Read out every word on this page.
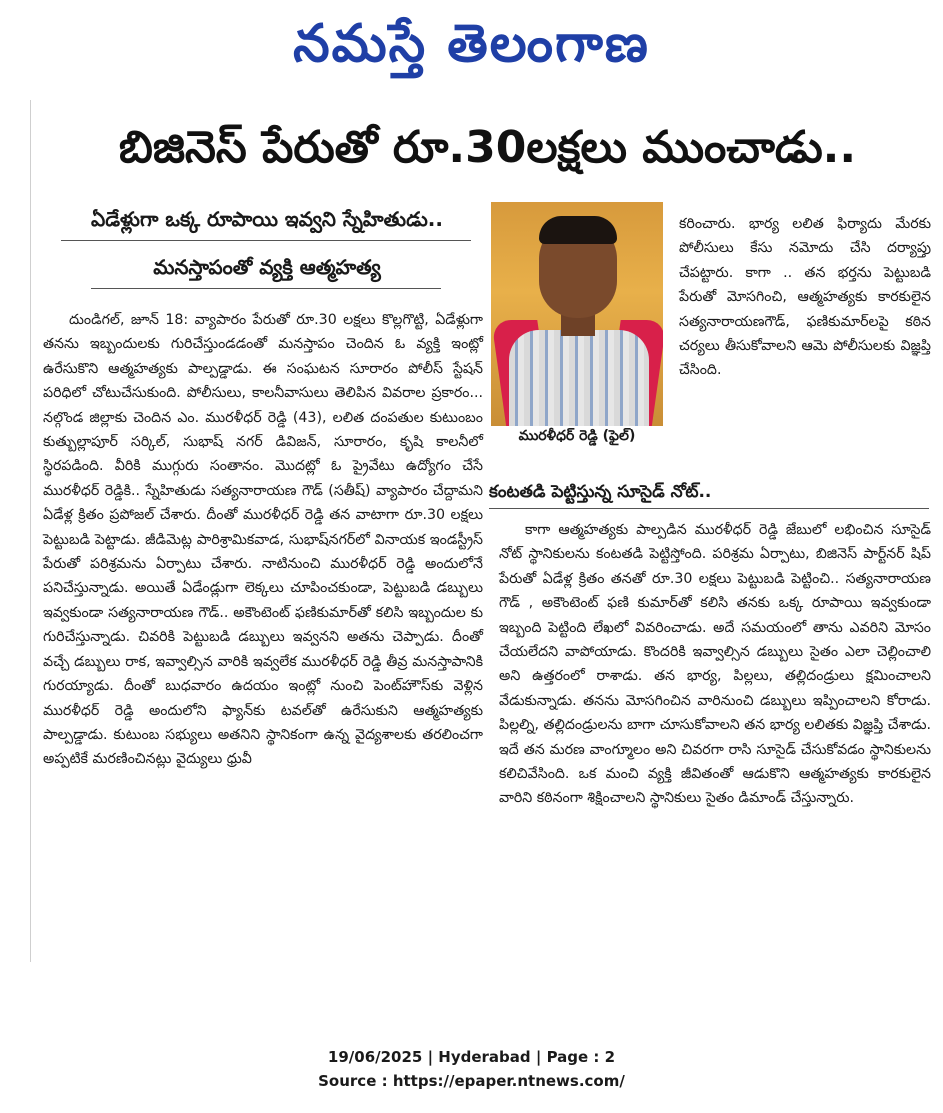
నమస్తే తెలంగాణ
బిజినెస్ పేరుతో రూ.30లక్షలు ముంచాడు..
ఏడేళ్లుగా ఒక్క రూపాయి ఇవ్వని స్నేహితుడు..
మనస్తాపంతో వ్యక్తి ఆత్మహత్య

దుండిగల్, జూన్ 18: వ్యాపారం పేరుతో రూ.30 లక్షలు కొల్లగొట్టి, ఏడేళ్లుగా తనను ఇబ్బందులకు గురిచేస్తుండడంతో మనస్తాపం చెందిన ఓ వ్యక్తి ఇంట్లో ఉరేసుకొని ఆత్మహత్యకు పాల్పడ్డాడు. ఈ సంఘటన సూరారం పోలీస్ స్టేషన్ పరిధిలో చోటుచేసుకుంది. పోలీసులు, కాలనీవాసులు తెలిపిన వివరాల ప్రకారం... నల్గొండ జిల్లాకు చెందిన ఎం. మురళీధర్ రెడ్డి (43), లలిత దంపతుల కుటుంబం కుత్బుల్లాపూర్ సర్కిల్, సుభాష్ నగర్ డివిజన్, సూరారం, కృషి కాలనీలో స్థిరపడింది. వీరికి ముగ్గురు సంతానం. మొదట్లో ఓ ప్రైవేటు ఉద్యోగం చేసే మురళీధర్ రెడ్డికి.. స్నేహితుడు సత్యనారాయణ గౌడ్ (సతీష్) వ్యాపారం చేద్దామని ఏడేళ్ల క్రితం ప్రపోజల్ చేశారు. దీంతో మురళీధర్ రెడ్డి తన వాటాగా రూ.30 లక్షలు పెట్టుబడి పెట్టాడు. జీడిమెట్ల పారిశ్రామికవాడ, సుభాష్‌నగర్‌లో వినాయక ఇండస్ట్రీస్ పేరుతో పరిశ్రమను ఏర్పాటు చేశారు. నాటినుంచి మురళీధర్ రెడ్డి అందులోనే పనిచేస్తున్నాడు. అయితే ఏడేండ్లుగా లెక్కలు చూపించకుండా, పెట్టుబడి డబ్బులు ఇవ్వకుండా సత్యనారాయణ గౌడ్.. అకౌంటెంట్ ఫణికుమార్‌తో కలిసి ఇబ్బందుల కు గురిచేస్తున్నాడు. చివరికి పెట్టుబడి డబ్బులు ఇవ్వనని అతను చెప్పాడు. దీంతో వచ్చే డబ్బులు రాక, ఇవ్వాల్సిన వారికి ఇవ్వలేక మురళీధర్ రెడ్డి తీవ్ర మనస్తాపానికి గురయ్యాడు. దీంతో బుధవారం ఉదయం ఇంట్లో నుంచి పెంట్‌హౌస్‌కు వెళ్లిన మురళీధర్ రెడ్డి అందులోని ఫ్యాన్‌కు టవల్‌తో ఉరేసుకుని ఆత్మహత్యకు పాల్పడ్డాడు. కుటుంబ సభ్యులు అతనిని స్థానికంగా ఉన్న వైద్యశాలకు తరలించగా అప్పటికే మరణించినట్లు వైద్యులు ధ్రువీ

మురళీధర్ రెడ్డి (ఫైల్)

కరించారు. భార్య లలిత ఫిర్యాదు మేరకు పోలీసులు కేసు నమోదు చేసి దర్యాప్తు చేపట్టారు. కాగా .. తన భర్తను పెట్టుబడి పేరుతో మోసగించి, ఆత్మహత్యకు కారకులైన సత్యనారాయణగౌడ్, ఫణికుమార్‌లపై కఠిన చర్యలు తీసుకోవాలని ఆమె పోలీసులకు విజ్ఞప్తి చేసింది.

కంటతడి పెట్టిస్తున్న సూసైడ్ నోట్..

కాగా ఆత్మహత్యకు పాల్పడిన మురళీధర్ రెడ్డి జేబులో లభించిన సూసైడ్ నోట్ స్థానికులను కంటతడి పెట్టిస్తోంది. పరిశ్రమ ఏర్పాటు, బిజినెస్ పార్ట్‌నర్ షిప్ పేరుతో ఏడేళ్ల క్రితం తనతో రూ.30 లక్షలు పెట్టుబడి పెట్టించి.. సత్యనారాయణ గౌడ్ , అకౌంటెంట్ ఫణి కుమార్‌తో కలిసి తనకు ఒక్క రూపాయి ఇవ్వకుండా ఇబ్బంది పెట్టింది లేఖలో వివరించాడు. అదే సమయంలో తాను ఎవరిని మోసం చేయలేదని వాపోయాడు. కొందరికి ఇవ్వాల్సిన డబ్బులు సైతం ఎలా చెల్లించాలి అని ఉత్తరంలో రాశాడు. తన భార్య, పిల్లలు, తల్లిదండ్రులు క్షమించాలని వేడుకున్నాడు. తనను మోసగించిన వారినుంచి డబ్బులు ఇప్పించాలని కోరాడు. పిల్లల్ని, తల్లిదండ్రులను బాగా చూసుకోవాలని తన భార్య లలితకు విజ్ఞప్తి చేశాడు. ఇదే తన మరణ వాంగ్మూలం అని చివరగా రాసి సూసైడ్ చేసుకోవడం స్థానికులను కలిచివేసింది. ఒక మంచి వ్యక్తి జీవితంతో ఆడుకొని ఆత్మహత్యకు కారకులైన వారిని కఠినంగా శిక్షించాలని స్థానికులు సైతం డిమాండ్ చేస్తున్నారు.

19/06/2025 | Hyderabad | Page : 2
Source : https://epaper.ntnews.com/
